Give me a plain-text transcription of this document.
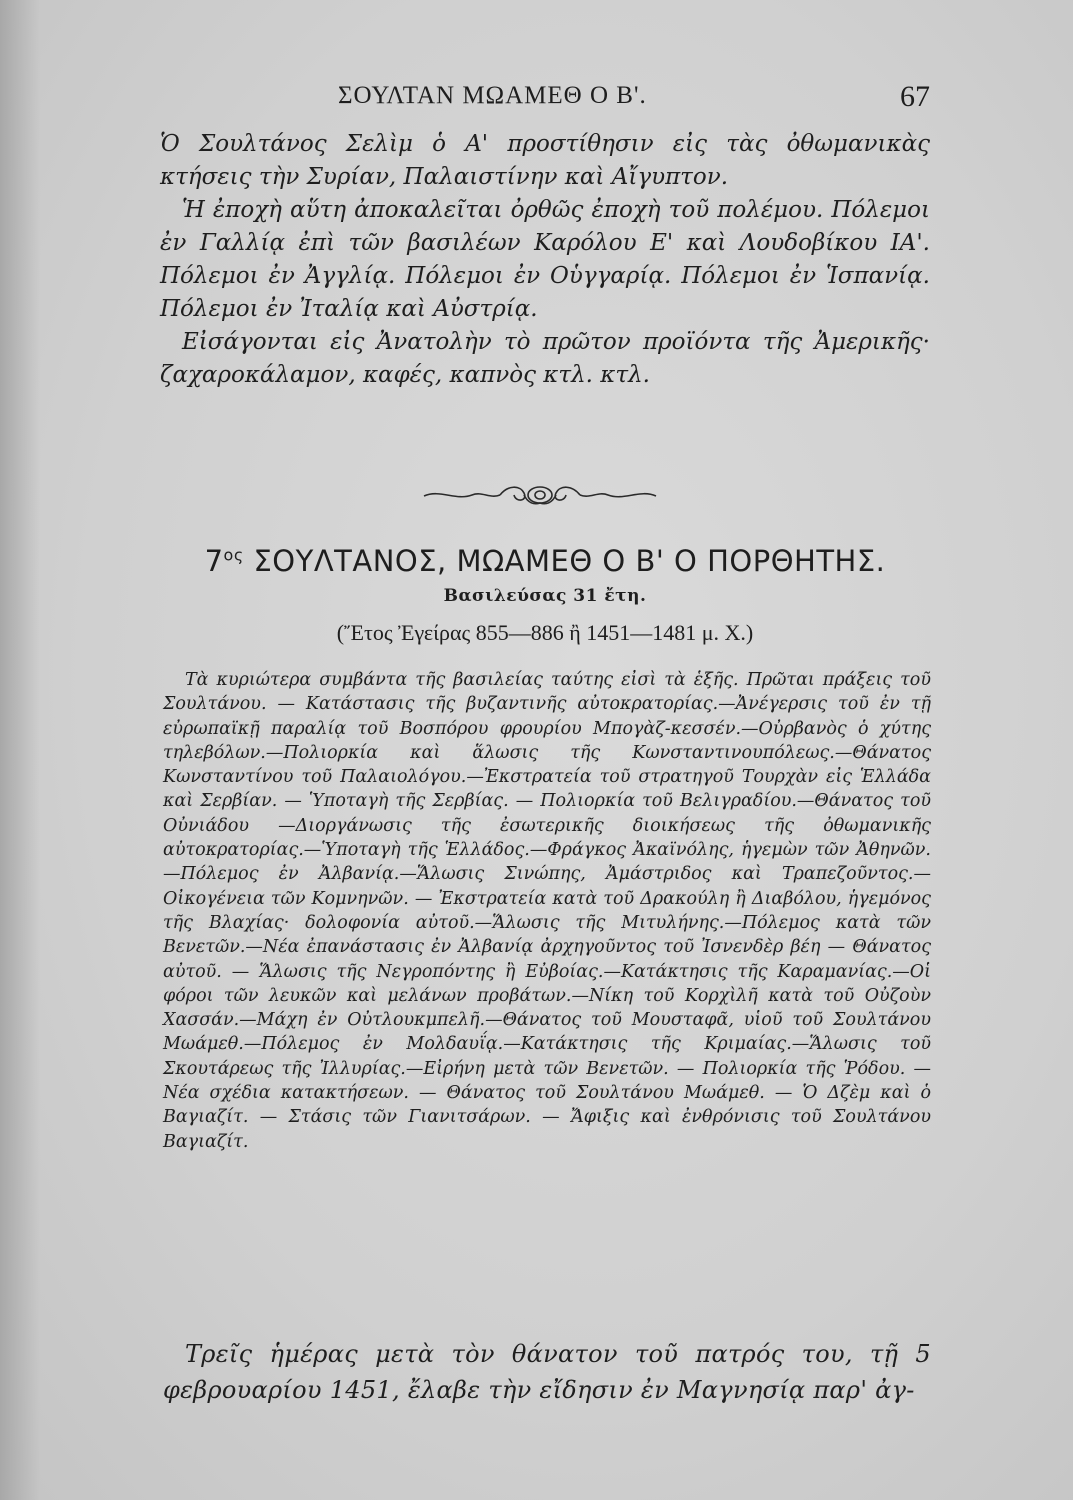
ΣΟΥΛΤΑΝ ΜΩΑΜΕΘ Ο Β'.	67

Ὁ Σουλτάνος Σελὶμ ὁ Α' προστίθησιν εἰς τὰς ὀθωμανικὰς κτήσεις τὴν Συρίαν, Παλαιστίνην καὶ Αἴγυπτον.

Ἡ ἐποχὴ αὕτη ἀποκαλεῖται ὀρθῶς ἐποχὴ τοῦ πολέμου. Πόλεμοι ἐν Γαλλίᾳ ἐπὶ τῶν βασιλέων Καρόλου Ε' καὶ Λουδοβίκου ΙΑ'. Πόλεμοι ἐν Ἀγγλίᾳ. Πόλεμοι ἐν Οὑγγαρίᾳ. Πόλεμοι ἐν Ἱσπανίᾳ. Πόλεμοι ἐν Ἰταλίᾳ καὶ Αὐστρίᾳ.

Εἰσάγονται εἰς Ἀνατολὴν τὸ πρῶτον προϊόντα τῆς Ἀμερικῆς· ζαχαροκάλαμον, καφές, καπνὸς κτλ. κτλ.

$7^{o\varsigma}$ ΣΟΥΛΤΑΝΟΣ, ΜΩΑΜΕΘ Ο Β' Ο ΠΟΡΘΗΤΗΣ.
Βασιλεύσας 31 ἔτη.
(Ἔτος Ἐγείρας 855—886 ἢ 1451—1481 μ. Χ.)

Τὰ κυριώτερα συμβάντα τῆς βασιλείας ταύτης εἰσὶ τὰ ἑξῆς. Πρῶται πράξεις τοῦ Σουλτάνου. — Κατάστασις τῆς βυζαντινῆς αὐτοκρατορίας.—Ἀνέγερσις τοῦ ἐν τῇ εὐρωπαϊκῇ παραλίᾳ τοῦ Βοσπόρου φρουρίου Μπογὰζ-κεσσέν.—Οὐρβανὸς ὁ χύτης τηλεβόλων.—Πολιορκία καὶ ἅλωσις τῆς Κωνσταντινουπόλεως.—Θάνατος Κωνσταντίνου τοῦ Παλαιολόγου.—Ἐκστρατεία τοῦ στρατηγοῦ Τουρχὰν εἰς Ἑλλάδα καὶ Σερβίαν. — Ὑποταγὴ τῆς Σερβίας. — Πολιορκία τοῦ Βελιγραδίου.—Θάνατος τοῦ Οὐνιάδου —Διοργάνωσις τῆς ἐσωτερικῆς διοικήσεως τῆς ὀθωμανικῆς αὐτοκρατορίας.—Ὑποταγὴ τῆς Ἑλλάδος.—Φράγκος Ἀκαϊνόλης, ἡγεμὼν τῶν Ἀθηνῶν.—Πόλεμος ἐν Ἀλβανίᾳ.—Ἅλωσις Σινώπης, Ἀμάστριδος καὶ Τραπεζοῦντος.—Οἰκογένεια τῶν Κομνηνῶν. — Ἐκστρατεία κατὰ τοῦ Δρακούλη ἢ Διαβόλου, ἡγεμόνος τῆς Βλαχίας· δολοφονία αὐτοῦ.—Ἅλωσις τῆς Μιτυλήνης.—Πόλεμος κατὰ τῶν Βενετῶν.—Νέα ἐπανάστασις ἐν Ἀλβανίᾳ ἀρχηγοῦντος τοῦ Ἰσνενδὲρ βέη — Θάνατος αὐτοῦ. — Ἅλωσις τῆς Νεγροπόντης ἢ Εὐβοίας.—Κατάκτησις τῆς Καραμανίας.—Οἱ φόροι τῶν λευκῶν καὶ μελάνων προβάτων.—Νίκη τοῦ Κορχὶλῆ κατὰ τοῦ Οὐζοὺν Χασσάν.—Μάχη ἐν Οὐτλουκμπελῆ.—Θάνατος τοῦ Μουσταφᾶ, υἱοῦ τοῦ Σουλτάνου Μωάμεθ.—Πόλεμος ἐν Μολδαυΐᾳ.—Κατάκτησις τῆς Κριμαίας.—Ἅλωσις τοῦ Σκουτάρεως τῆς Ἰλλυρίας.—Εἰρήνη μετὰ τῶν Βενετῶν. — Πολιορκία τῆς Ῥόδου. — Νέα σχέδια κατακτήσεων. — Θάνατος τοῦ Σουλτάνου Μωάμεθ. — Ὁ Δζὲμ καὶ ὁ Βαγιαζίτ. — Στάσις τῶν Γιανιτσάρων. — Ἄφιξις καὶ ἐνθρόνισις τοῦ Σουλτάνου Βαγιαζίτ.

Τρεῖς ἡμέρας μετὰ τὸν θάνατον τοῦ πατρός του, τῇ 5 φεβρουαρίου 1451, ἔλαβε τὴν εἴδησιν ἐν Μαγνησίᾳ παρ' ἀγ-
